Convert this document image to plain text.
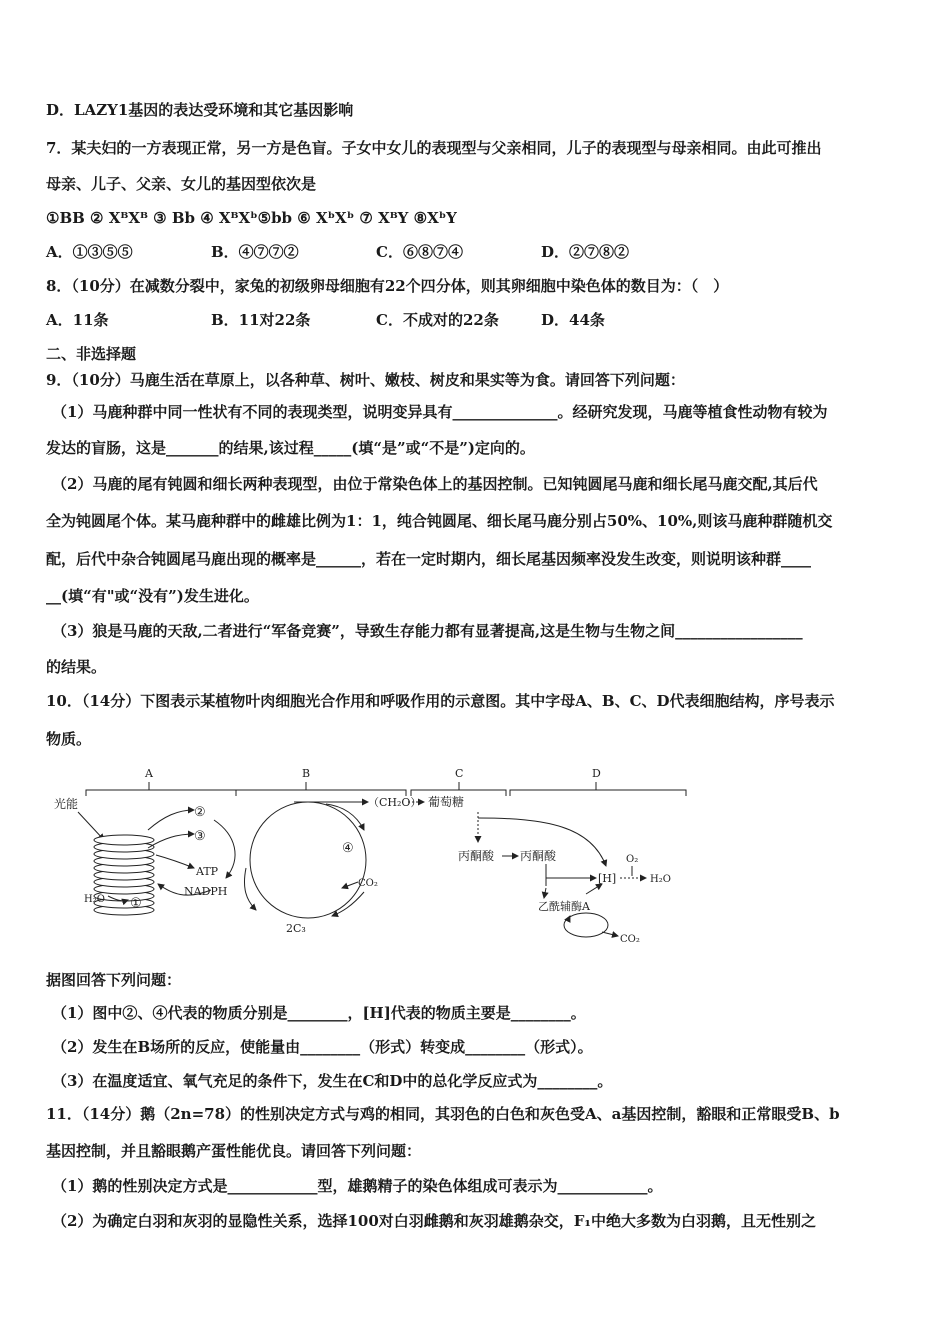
D．LAZY1基因的表达受环境和其它基因影响
7．某夫妇的一方表现正常，另一方是色盲。子女中女儿的表现型与父亲相同，儿子的表现型与母亲相同。由此可推出
母亲、儿子、父亲、女儿的基因型依次是
①BB ② XᴮXᴮ ③ Bb ④ XᴮXᵇ⑤bb ⑥ XᵇXᵇ ⑦ XᴮY ⑧XᵇY
A．①③⑤⑤	B．④⑦⑦②	C．⑥⑧⑦④	D．②⑦⑧②
8．（10分）在减数分裂中，家兔的初级卵母细胞有22个四分体，则其卵细胞中染色体的数目为：（　）
A．11条	B．11对22条	C．不成对的22条	D．44条
二、非选择题
9．（10分）马鹿生活在草原上，以各种草、树叶、嫩枝、树皮和果实等为食。请回答下列问题：
（1）马鹿种群中同一性状有不同的表现类型，说明变异具有______________。经研究发现，马鹿等植食性动物有较为
发达的盲肠，这是_______的结果,该过程_____(填“是”或“不是”)定向的。
（2）马鹿的尾有钝圆和细长两种表现型，由位于常染色体上的基因控制。已知钝圆尾马鹿和细长尾马鹿交配,其后代
全为钝圆尾个体。某马鹿种群中的雌雄比例为1：1，纯合钝圆尾、细长尾马鹿分别占50%、10%,则该马鹿种群随机交
配，后代中杂合钝圆尾马鹿出现的概率是______，若在一定时期内，细长尾基因频率没发生改变，则说明该种群____
__(填“有"或“没有”)发生进化。
（3）狼是马鹿的天敌,二者进行“军备竞赛”，导致生存能力都有显著提高,这是生物与生物之间_________________
的结果。
10．（14分）下图表示某植物叶肉细胞光合作用和呼吸作用的示意图。其中字母A、B、C、D代表细胞结构，序号表示
物质。
A	B	C	D
光能
H₂O ①
②
③
ATP
NADPH
④
2C₃
CO₂
（CH₂O） 葡萄糖
丙酮酸 丙酮酸
[H]
O₂
H₂O
乙酰辅酶A
CO₂
据图回答下列问题：
（1）图中②、④代表的物质分别是________，[H]代表的物质主要是________。
（2）发生在B场所的反应，使能量由________（形式）转变成________（形式）。
（3）在温度适宜、氧气充足的条件下，发生在C和D中的总化学反应式为________。
11．（14分）鹅（2n=78）的性别决定方式与鸡的相同，其羽色的白色和灰色受A、a基因控制，豁眼和正常眼受B、b
基因控制，并且豁眼鹅产蛋性能优良。请回答下列问题：
（1）鹅的性别决定方式是____________型，雄鹅精子的染色体组成可表示为____________。
（2）为确定白羽和灰羽的显隐性关系，选择100对白羽雌鹅和灰羽雄鹅杂交，F₁中绝大多数为白羽鹅，且无性别之
